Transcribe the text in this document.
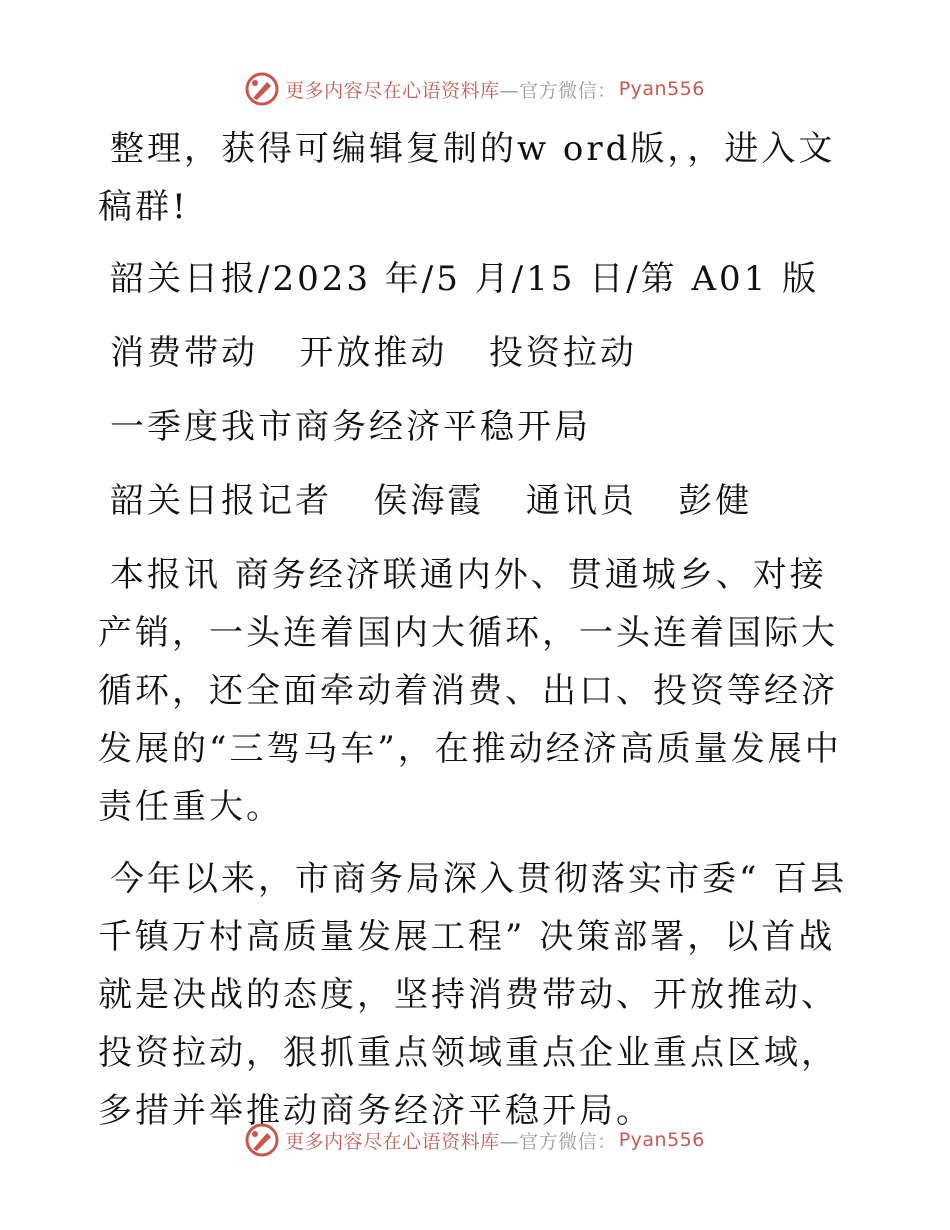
更多内容尽在心语资料库 —官方微信： Pyan556

整理，获得可编辑复制的w ord版，，进入文稿群!

韶关日报/2023 年/5 月/15 日/第 A01 版

消费带动   开放推动   投资拉动

一季度我市商务经济平稳开局

韶关日报记者   侯海霞   通讯员   彭健

本报讯 商务经济联通内外、贯通城乡、对接产销，一头连着国内大循环，一头连着国际大循环，还全面牵动着消费、出口、投资等经济发展的“三驾马车”，在推动经济高质量发展中责任重大。

今年以来，市商务局深入贯彻落实市委“ 百县千镇万村高质量发展工程” 决策部署，以首战就是决战的态度，坚持消费带动、开放推动、投资拉动，狠抓重点领域重点企业重点区域，多措并举推动商务经济平稳开局。

更多内容尽在心语资料库 —官方微信： Pyan556
